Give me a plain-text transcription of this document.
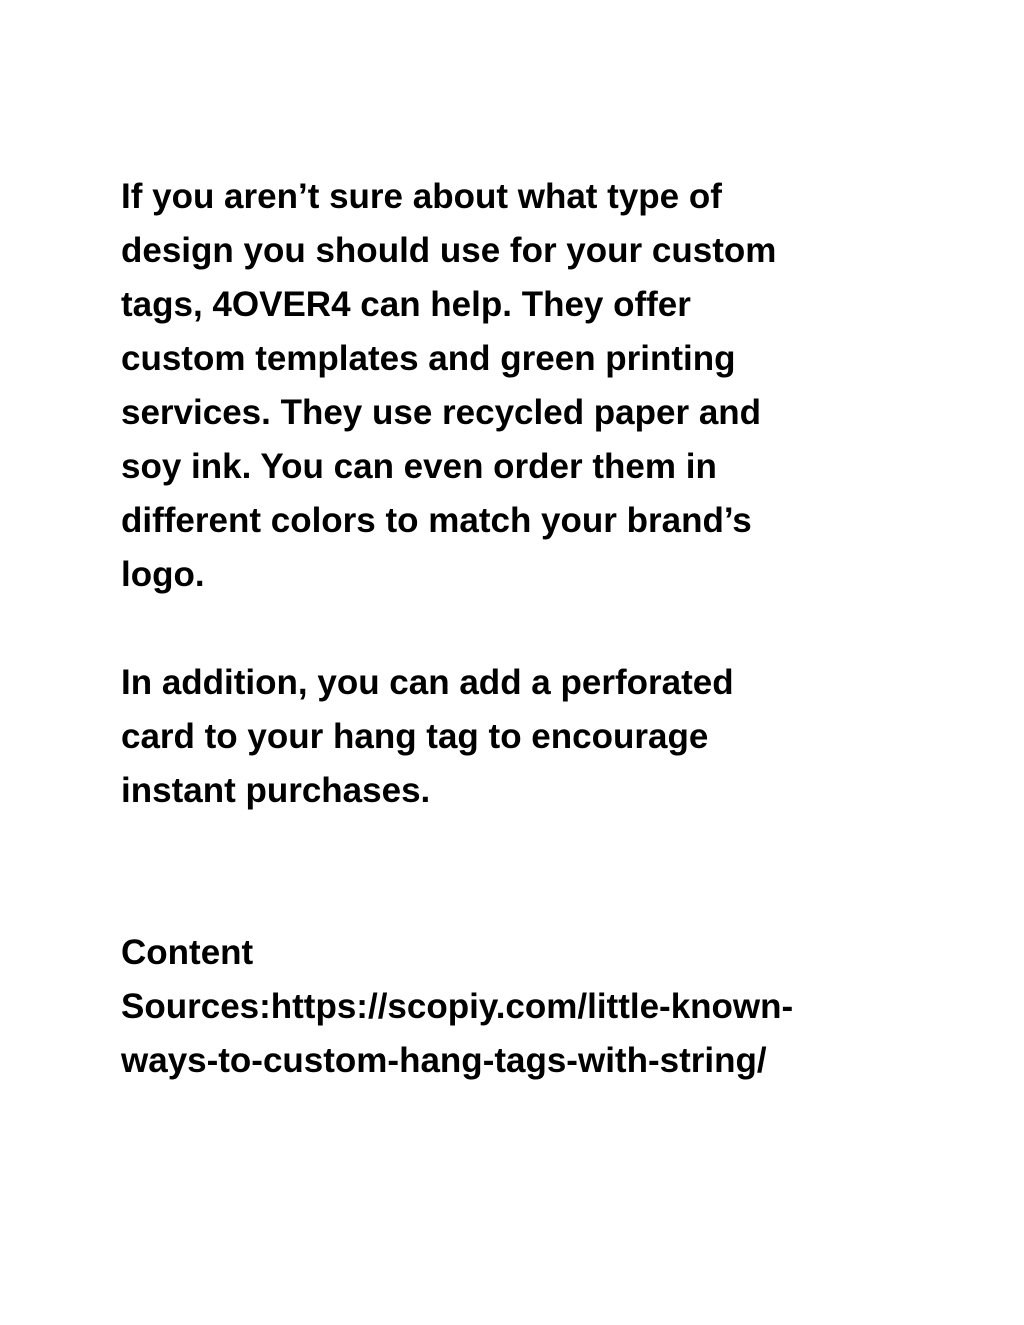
If you aren’t sure about what type of
design you should use for your custom
tags, 4OVER4 can help. They offer
custom templates and green printing
services. They use recycled paper and
soy ink. You can even order them in
different colors to match your brand’s
logo.

In addition, you can add a perforated
card to your hang tag to encourage
instant purchases.

Content
Sources:https://scopiy.com/little-known-
ways-to-custom-hang-tags-with-string/
